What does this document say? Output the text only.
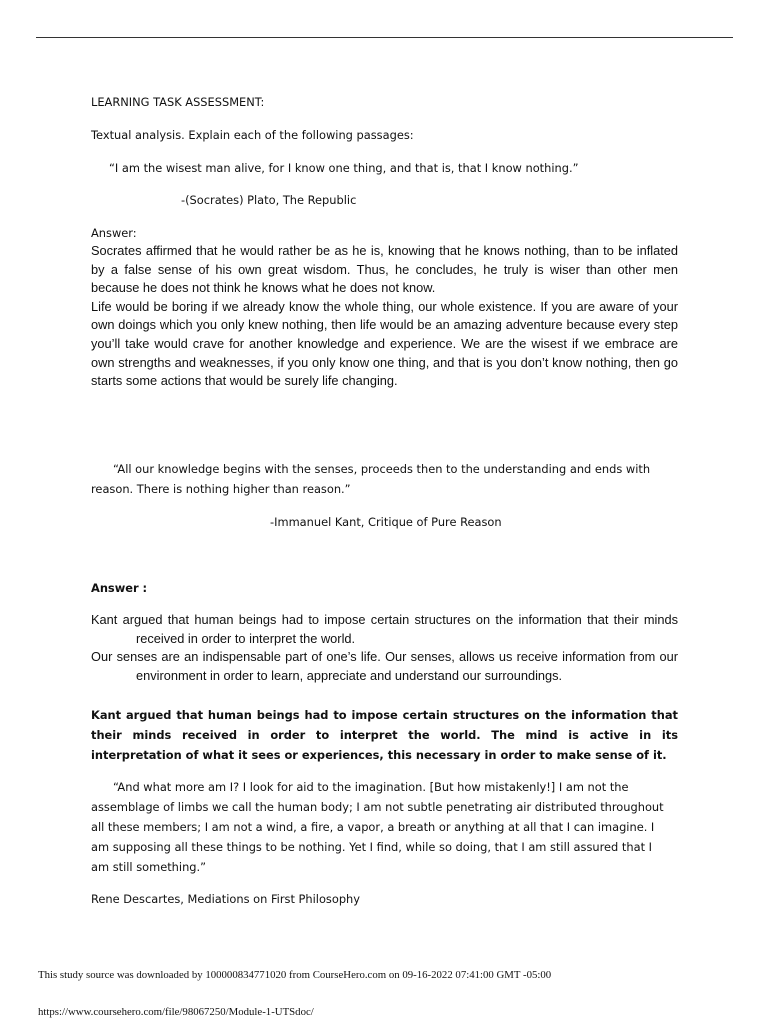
LEARNING TASK ASSESSMENT:
Textual analysis. Explain each of the following passages:
“I am the wisest man alive, for I know one thing, and that is, that I know nothing.”
-(Socrates) Plato, The Republic
Answer:

Socrates affirmed that he would rather be as he is, knowing that he knows nothing, than to be inflated by a false sense of his own great wisdom. Thus, he concludes, he truly is wiser than other men because he does not think he knows what he does not know.

Life would be boring if we already know the whole thing, our whole existence. If you are aware of your own doings which you only knew nothing, then life would be an amazing adventure because every step you’ll take would crave for another knowledge and experience. We are the wisest if we embrace are own strengths and weaknesses, if you only know one thing, and that is you don’t know nothing, then go starts some actions that would be surely life changing.

“All our knowledge begins with the senses, proceeds then to the understanding and ends with reason. There is nothing higher than reason.”
-Immanuel Kant, Critique of Pure Reason
Answer :

Kant argued that human beings had to impose certain structures on the information that their minds received in order to interpret the world.

Our senses are an indispensable part of one’s life. Our senses, allows us receive information from our environment in order to learn, appreciate and understand our surroundings.

Kant argued that human beings had to impose certain structures on the information that their minds received in order to interpret the world. The mind is active in its interpretation of what it sees or experiences, this necessary in order to make sense of it.
“And what more am I? I look for aid to the imagination. [But how mistakenly!] I am not the assemblage of limbs we call the human body; I am not subtle penetrating air distributed throughout all these members; I am not a wind, a fire, a vapor, a breath or anything at all that I can imagine. I am supposing all these things to be nothing. Yet I find, while so doing, that I am still assured that I am still something.”
Rene Descartes, Mediations on First Philosophy
This study source was downloaded by 100000834771020 from CourseHero.com on 09-16-2022 07:41:00 GMT -05:00
https://www.coursehero.com/file/98067250/Module-1-UTSdoc/
